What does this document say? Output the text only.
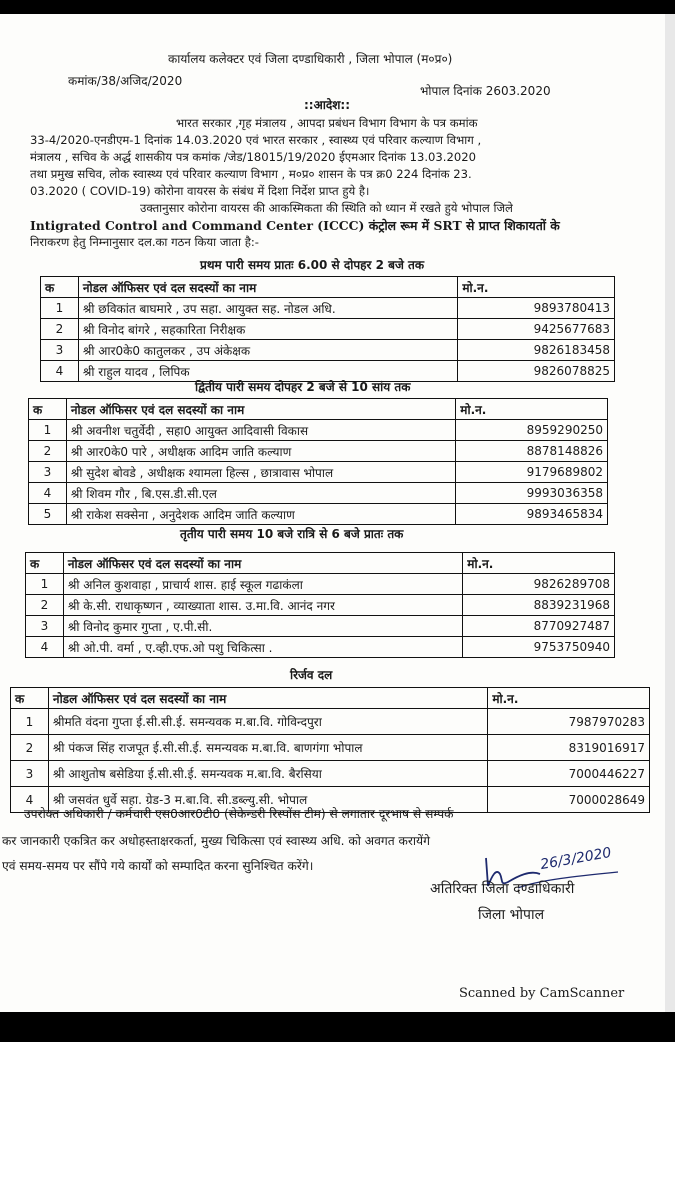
कार्यालय कलेक्टर एवं जिला दण्डाधिकारी , जिला भोपाल (म०प्र०)
कमांक/38/अजिद/2020
भोपाल दिनांक 2603.2020
::आदेश::
भारत सरकार ,गृह मंत्रालय , आपदा प्रबंधन विभाग विभाग के पत्र कमांक
33-4/2020-एनडीएम-1 दिनांक 14.03.2020 एवं भारत सरकार , स्वास्थ्य एवं परिवार कल्याण विभाग ,
मंत्रालय , सचिव के अर्द्ध शासकीय पत्र कमांक /जेड/18015/19/2020 ईएमआर दिनांक 13.03.2020
तथा प्रमुख सचिव, लोक स्वास्थ्य एवं परिवार कल्याण विभाग , म०प्र० शासन के पत्र क्र0 224 दिनांक 23.
03.2020 ( COVID-19) कोरोना वायरस के संबंध में दिशा निर्देश प्राप्त हुये है।
उक्तानुसार कोरोना वायरस की आकस्मिकता की स्थिति को ध्यान में रखते हुये भोपाल जिले
Intigrated Control and Command Center (ICCC) कंट्रोल रूम में SRT से प्राप्त शिकायतों के
निराकरण हेतु निम्नानुसार दल.का गठन किया जाता है:-
प्रथम पारी समय प्रातः 6.00 से दोपहर 2 बजे तक
क	नोडल ऑफिसर एवं दल सदस्यों का नाम	मो.न.
1	श्री छविकांत बाघमारे , उप सहा. आयुक्त सह. नोडल अधि.	9893780413
2	श्री विनोद बांगरे , सहकारिता निरीक्षक	9425677683
3	श्री आर0के0 कातुलकर , उप अंकेक्षक	9826183458
4	श्री राहुल यादव , लिपिक	9826078825
द्वितीय पारी समय दोपहर 2 बजे से 10 सांय तक
क	नोडल ऑफिसर एवं दल सदस्यों का नाम	मो.न.
1	श्री अवनीश चतुर्वेदी , सहा0 आयुक्त आदिवासी विकास	8959290250
2	श्री आर0के0 पारे , अधीक्षक आदिम जाति कल्याण	8878148826
3	श्री सुदेश बोवडे , अधीक्षक श्यामला हिल्स , छात्रावास भोपाल	9179689802
4	श्री शिवम गौर , बि.एस.डी.सी.एल	9993036358
5	श्री राकेश सक्सेना , अनुदेशक आदिम जाति कल्याण	9893465834
तृतीय पारी समय 10 बजे रात्रि से 6 बजे प्रातः तक
क	नोडल ऑफिसर एवं दल सदस्यों का नाम	मो.न.
1	श्री अनिल कुशवाहा , प्राचार्य शास. हाई स्कूल गढाकंला	9826289708
2	श्री के.सी. राधाकृष्णन , व्याख्याता शास. उ.मा.वि. आनंद नगर	8839231968
3	श्री विनोद कुमार गुप्ता , ए.पी.सी.	8770927487
4	श्री ओ.पी. वर्मा , ए.व्ही.एफ.ओ पशु चिकित्सा .	9753750940
रिर्जव दल
क	नोडल ऑफिसर एवं दल सदस्यों का नाम	मो.न.
1	श्रीमति वंदना गुप्ता ई.सी.सी.ई. समन्यवक म.बा.वि. गोविन्दपुरा	7987970283
2	श्री पंकज सिंह राजपूत ई.सी.सी.ई. समन्यवक म.बा.वि. बाणगंगा भोपाल	8319016917
3	श्री आशुतोष बसेडिया ई.सी.सी.ई. समन्यवक म.बा.वि. बैरसिया	7000446227
4	श्री जसवंत धुर्वे सहा. ग्रेड-3 म.बा.वि. सी.डब्ल्यु.सी. भोपाल	7000028649
उपरोक्त अधिकारी / कर्मचारी एस0आर0टी0 (सेकेन्डरी रिस्पोंस टीम) से लगातार दूरभाष से सम्पर्क
कर जानकारी एकत्रित कर अधोहस्ताक्षरकर्ता, मुख्य चिकित्सा एवं स्वास्थ्य अधि. को अवगत करायेंगे
एवं समय-समय पर सौंपे गये कार्यों को सम्पादित करना सुनिश्चित करेंगे।	26/3/2020
अतिरिक्त जिला दण्डाधिकारी
जिला भोपाल
Scanned by CamScanner
